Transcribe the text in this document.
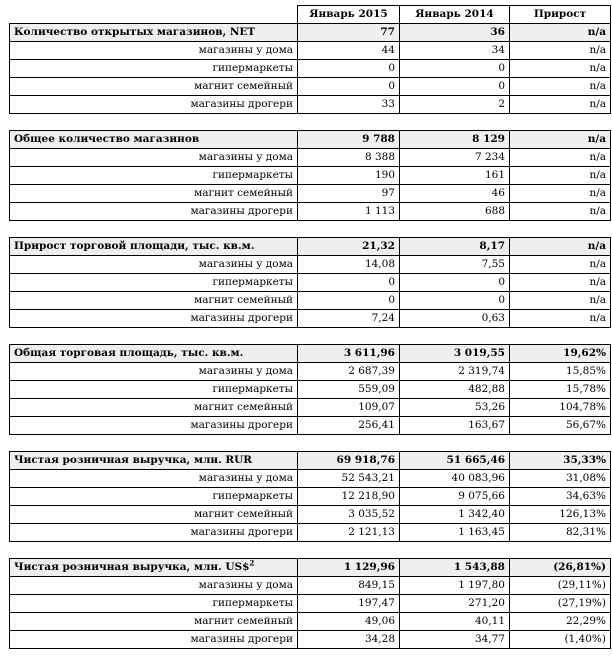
	Январь 2015	Январь 2014	Прирост
Количество открытых магазинов, NET	77	36	n/a
магазины у дома	44	34	n/a
гипермаркеты	0	0	n/a
магнит семейный	0	0	n/a
магазины дрогери	33	2	n/a

Общее количество магазинов	9 788	8 129	n/a
магазины у дома	8 388	7 234	n/a
гипермаркеты	190	161	n/a
магнит семейный	97	46	n/a
магазины дрогери	1 113	688	n/a

Прирост торговой площади, тыс. кв.м.	21,32	8,17	n/a
магазины у дома	14,08	7,55	n/a
гипермаркеты	0	0	n/a
магнит семейный	0	0	n/a
магазины дрогери	7,24	0,63	n/a

Общая торговая площадь, тыс. кв.м.	3 611,96	3 019,55	19,62%
магазины у дома	2 687,39	2 319,74	15,85%
гипермаркеты	559,09	482,88	15,78%
магнит семейный	109,07	53,26	104,78%
магазины дрогери	256,41	163,67	56,67%

Чистая розничная выручка, млн. RUR	69 918,76	51 665,46	35,33%
магазины у дома	52 543,21	40 083,96	31,08%
гипермаркеты	12 218,90	9 075,66	34,63%
магнит семейный	3 035,52	1 342,40	126,13%
магазины дрогери	2 121,13	1 163,45	82,31%

Чистая розничная выручка, млн. US\$$^2$	1 129,96	1 543,88	(26,81%)
магазины у дома	849,15	1 197,80	(29,11%)
гипермаркеты	197,47	271,20	(27,19%)
магнит семейный	49,06	40,11	22,29%
магазины дрогери	34,28	34,77	(1,40%)
